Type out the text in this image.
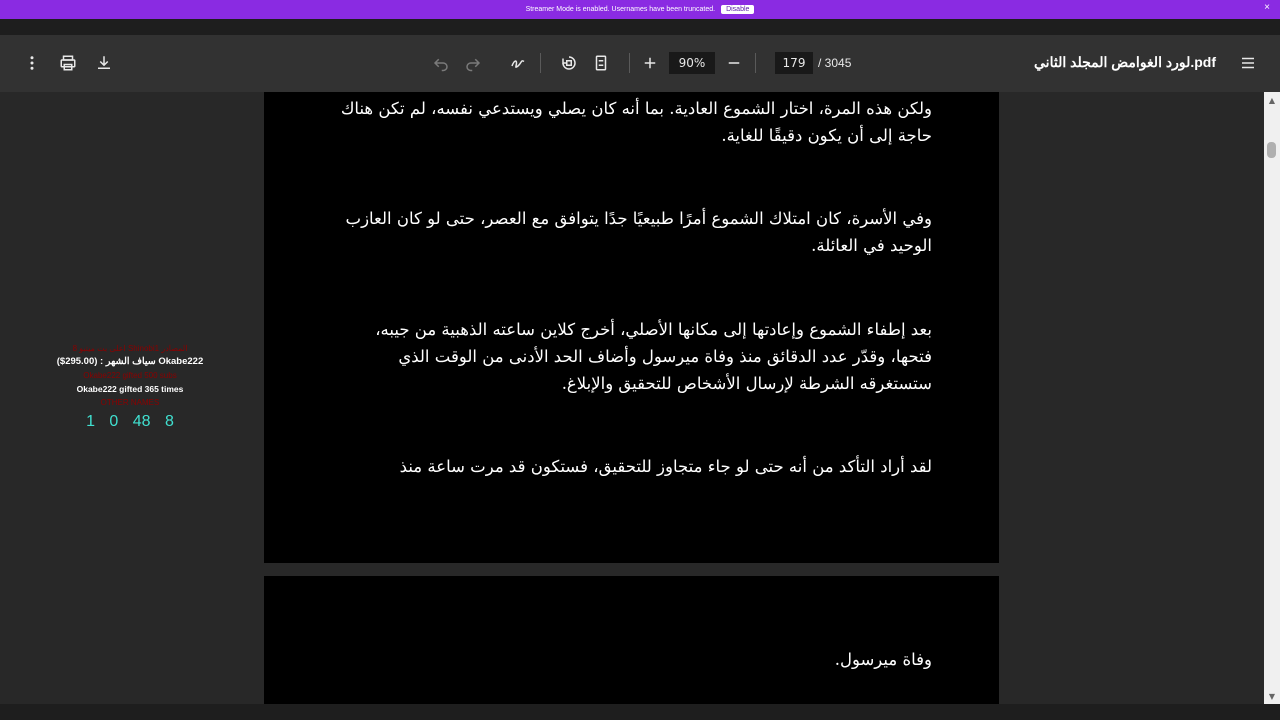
Streamer Mode is enabled. Usernames have been truncated.	Disable	×
90%	179	/ 3045	لورد الغوامض المجلد الثاني.pdf
ولكن هذه المرة، اختار الشموع العادية. بما أنه كان يصلي ويستدعي نفسه، لم تكن هناك حاجة إلى أن يكون دقيقًا للغاية.
وفي الأسرة، كان امتلاك الشموع أمرًا طبيعيًا جدًا يتوافق مع العصر، حتى لو كان العازب الوحيد في العائلة.
بعد إطفاء الشموع وإعادتها إلى مكانها الأصلي، أخرج كلاين ساعته الذهبية من جيبه، فتحها، وقدّر عدد الدقائق منذ وفاة ميرسول وأضاف الحد الأدنى من الوقت الذي ستستغرقه الشرطة لإرسال الأشخاص للتحقيق والإبلاغ.
لقد أراد التأكد من أنه حتى لو جاء متجاوز للتحقيق، فستكون قد مرت ساعة منذ
وفاة ميرسول.
8 اعلى بت ميتبو Shinobi1 المصادر
سياف الشهر : (295.00$) Okabe222
Okabe222 gifted 500 subs
Okabe222 gifted 365 times
OTHER NAMES
1 0 48 8
▲
▼
